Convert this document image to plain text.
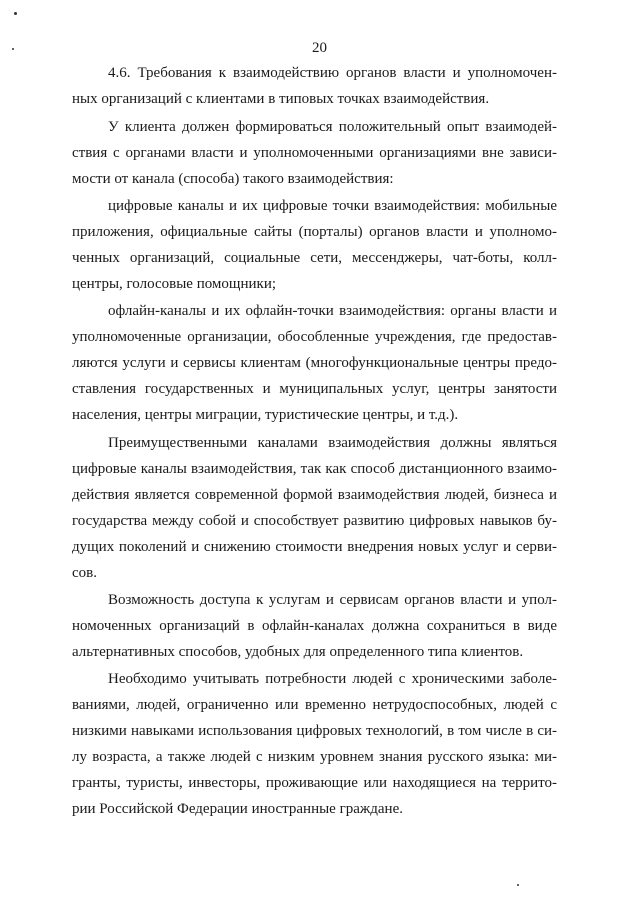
20
4.6. Требования к взаимодействию органов власти и уполномочен-
ных организаций с клиентами в типовых точках взаимодействия.
У клиента должен формироваться положительный опыт взаимодей-
ствия с органами власти и уполномоченными организациями вне зависи-
мости от канала (способа) такого взаимодействия:
цифровые каналы и их цифровые точки взаимодействия: мобильные
приложения, официальные сайты (порталы) органов власти и уполномо-
ченных организаций, социальные сети, мессенджеры, чат-боты, колл-
центры, голосовые помощники;
офлайн-каналы и их офлайн-точки взаимодействия: органы власти и
уполномоченные организации, обособленные учреждения, где предостав-
ляются услуги и сервисы клиентам (многофункциональные центры предо-
ставления государственных и муниципальных услуг, центры занятости
населения, центры миграции, туристические центры, и т.д.).
Преимущественными каналами взаимодействия должны являться
цифровые каналы взаимодействия, так как способ дистанционного взаимо-
действия является современной формой взаимодействия людей, бизнеса и
государства между собой и способствует развитию цифровых навыков бу-
дущих поколений и снижению стоимости внедрения новых услуг и серви-
сов.
Возможность доступа к услугам и сервисам органов власти и упол-
номоченных организаций в офлайн-каналах должна сохраниться в виде
альтернативных способов, удобных для определенного типа клиентов.
Необходимо учитывать потребности людей с хроническими заболе-
ваниями, людей, ограниченно или временно нетрудоспособных, людей с
низкими навыками использования цифровых технологий, в том числе в си-
лу возраста, а также людей с низким уровнем знания русского языка: ми-
гранты, туристы, инвесторы, проживающие или находящиеся на террито-
рии Российской Федерации иностранные граждане.
